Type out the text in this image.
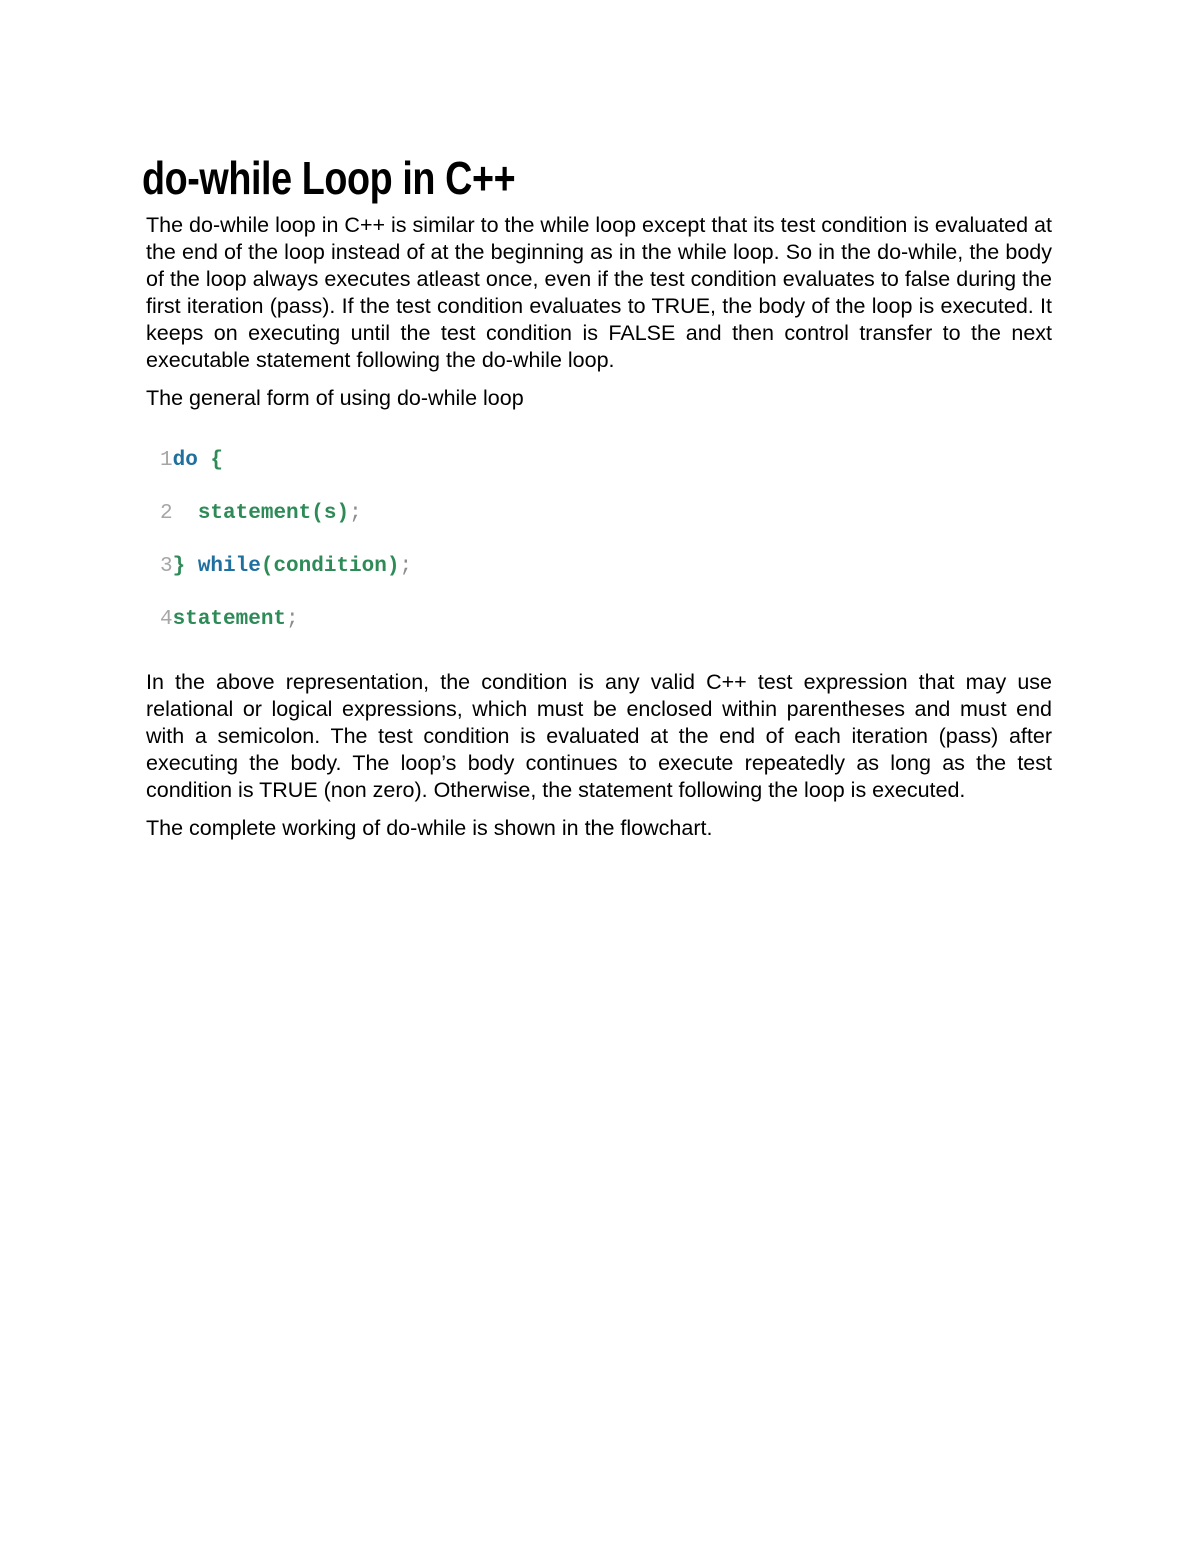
do-while Loop in C++

The do-while loop in C++ is similar to the while loop except that its test condition is evaluated at the end of the loop instead of at the beginning as in the while loop. So in the do-while, the body of the loop always executes atleast once, even if the test condition evaluates to false during the first iteration (pass). If the test condition evaluates to TRUE, the body of the loop is executed. It keeps on executing until the test condition is FALSE and then control transfer to the next executable statement following the do-while loop.

The general form of using do-while loop

1do {
2 statement(s);
3} while(condition);
4statement;

In the above representation, the condition is any valid C++ test expression that may use relational or logical expressions, which must be enclosed within parentheses and must end with a semicolon. The test condition is evaluated at the end of each iteration (pass) after executing the body. The loop’s body continues to execute repeatedly as long as the test condition is TRUE (non zero). Otherwise, the statement following the loop is executed.

The complete working of do-while is shown in the flowchart.
